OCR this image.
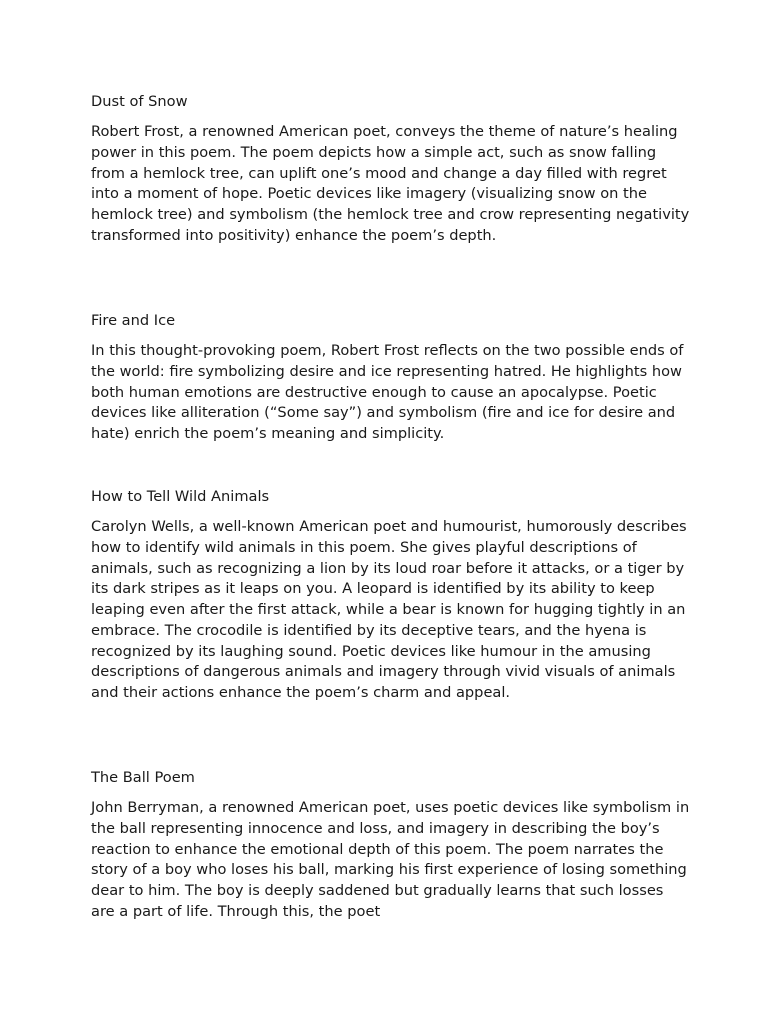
Dust of Snow

Robert Frost, a renowned American poet, conveys the theme of nature’s healing power in this poem. The poem depicts how a simple act, such as snow falling from a hemlock tree, can uplift one’s mood and change a day filled with regret into a moment of hope. Poetic devices like imagery (visualizing snow on the hemlock tree) and symbolism (the hemlock tree and crow representing negativity transformed into positivity) enhance the poem’s depth.

Fire and Ice

In this thought-provoking poem, Robert Frost reflects on the two possible ends of the world: fire symbolizing desire and ice representing hatred. He highlights how both human emotions are destructive enough to cause an apocalypse. Poetic devices like alliteration (“Some say”) and symbolism (fire and ice for desire and hate) enrich the poem’s meaning and simplicity.

How to Tell Wild Animals

Carolyn Wells, a well-known American poet and humourist, humorously describes how to identify wild animals in this poem. She gives playful descriptions of animals, such as recognizing a lion by its loud roar before it attacks, or a tiger by its dark stripes as it leaps on you. A leopard is identified by its ability to keep leaping even after the first attack, while a bear is known for hugging tightly in an embrace. The crocodile is identified by its deceptive tears, and the hyena is recognized by its laughing sound. Poetic devices like humour in the amusing descriptions of dangerous animals and imagery through vivid visuals of animals and their actions enhance the poem’s charm and appeal.

The Ball Poem

John Berryman, a renowned American poet, uses poetic devices like symbolism in the ball representing innocence and loss, and imagery in describing the boy’s reaction to enhance the emotional depth of this poem. The poem narrates the story of a boy who loses his ball, marking his first experience of losing something dear to him. The boy is deeply saddened but gradually learns that such losses are a part of life. Through this, the poet
